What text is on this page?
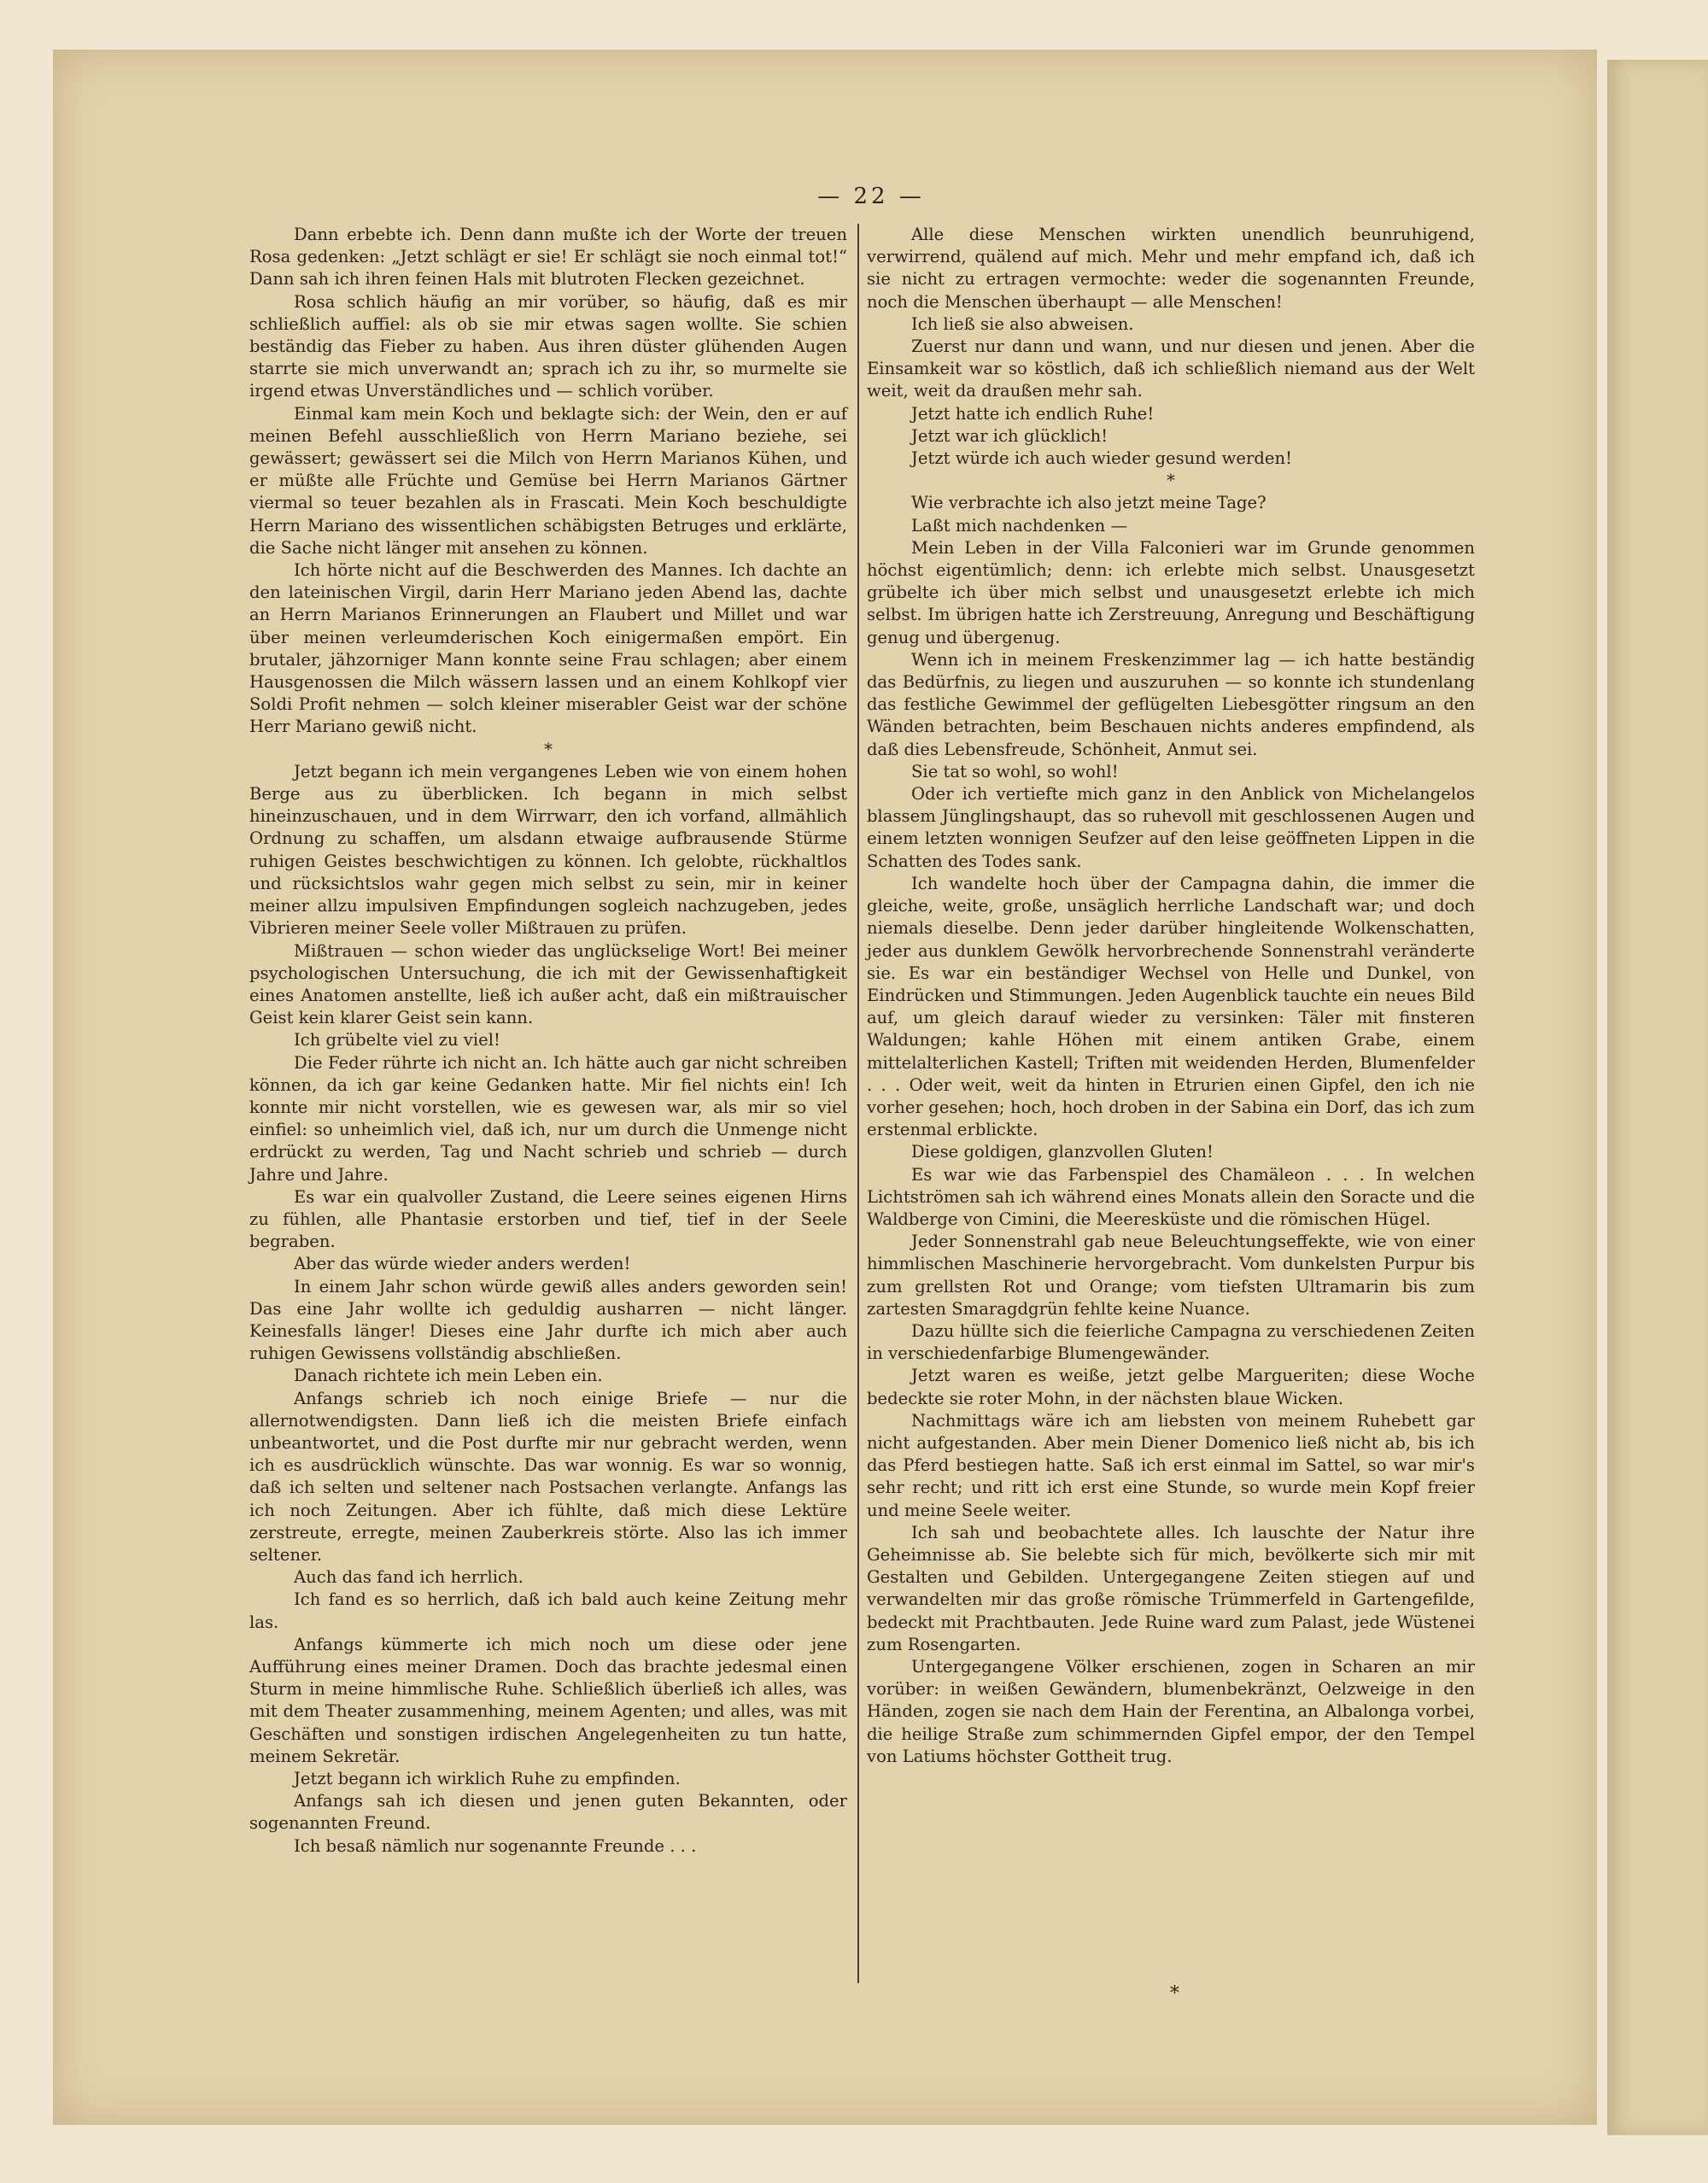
— 22 —

Dann erbebte ich. Denn dann mußte ich der Worte der treuen Rosa gedenken: „Jetzt schlägt er sie! Er schlägt sie noch einmal tot!“ Dann sah ich ihren feinen Hals mit blutroten Flecken gezeichnet.

Rosa schlich häufig an mir vorüber, so häufig, daß es mir schließlich auffiel: als ob sie mir etwas sagen wollte. Sie schien beständig das Fieber zu haben. Aus ihren düster glühenden Augen starrte sie mich unverwandt an; sprach ich zu ihr, so murmelte sie irgend etwas Unverständliches und — schlich vorüber.

Einmal kam mein Koch und beklagte sich: der Wein, den er auf meinen Befehl ausschließlich von Herrn Mariano beziehe, sei gewässert; gewässert sei die Milch von Herrn Marianos Kühen, und er müßte alle Früchte und Gemüse bei Herrn Marianos Gärtner viermal so teuer bezahlen als in Frascati. Mein Koch beschuldigte Herrn Mariano des wissentlichen schäbigsten Betruges und erklärte, die Sache nicht länger mit ansehen zu können.

Ich hörte nicht auf die Beschwerden des Mannes. Ich dachte an den lateinischen Virgil, darin Herr Mariano jeden Abend las, dachte an Herrn Marianos Erinnerungen an Flaubert und Millet und war über meinen verleumderischen Koch einigermaßen empört. Ein brutaler, jähzorniger Mann konnte seine Frau schlagen; aber einem Hausgenossen die Milch wässern lassen und an einem Kohlkopf vier Soldi Profit nehmen — solch kleiner miserabler Geist war der schöne Herr Mariano gewiß nicht.

*

Jetzt begann ich mein vergangenes Leben wie von einem hohen Berge aus zu überblicken. Ich begann in mich selbst hineinzuschauen, und in dem Wirrwarr, den ich vorfand, allmählich Ordnung zu schaffen, um alsdann etwaige aufbrausende Stürme ruhigen Geistes beschwichtigen zu können. Ich gelobte, rückhaltlos und rücksichtslos wahr gegen mich selbst zu sein, mir in keiner meiner allzu impulsiven Empfindungen sogleich nachzugeben, jedes Vibrieren meiner Seele voller Mißtrauen zu prüfen.

Mißtrauen — schon wieder das unglückselige Wort! Bei meiner psychologischen Untersuchung, die ich mit der Gewissenhaftigkeit eines Anatomen anstellte, ließ ich außer acht, daß ein mißtrauischer Geist kein klarer Geist sein kann.

Ich grübelte viel zu viel!

Die Feder rührte ich nicht an. Ich hätte auch gar nicht schreiben können, da ich gar keine Gedanken hatte. Mir fiel nichts ein! Ich konnte mir nicht vorstellen, wie es gewesen war, als mir so viel einfiel: so unheimlich viel, daß ich, nur um durch die Unmenge nicht erdrückt zu werden, Tag und Nacht schrieb und schrieb — durch Jahre und Jahre.

Es war ein qualvoller Zustand, die Leere seines eigenen Hirns zu fühlen, alle Phantasie erstorben und tief, tief in der Seele begraben.

Aber das würde wieder anders werden!

In einem Jahr schon würde gewiß alles anders geworden sein! Das eine Jahr wollte ich geduldig ausharren — nicht länger. Keinesfalls länger! Dieses eine Jahr durfte ich mich aber auch ruhigen Gewissens vollständig abschließen.

Danach richtete ich mein Leben ein.

Anfangs schrieb ich noch einige Briefe — nur die allernotwendigsten. Dann ließ ich die meisten Briefe einfach unbeantwortet, und die Post durfte mir nur gebracht werden, wenn ich es ausdrücklich wünschte. Das war wonnig. Es war so wonnig, daß ich selten und seltener nach Postsachen verlangte. Anfangs las ich noch Zeitungen. Aber ich fühlte, daß mich diese Lektüre zerstreute, erregte, meinen Zauberkreis störte. Also las ich immer seltener.

Auch das fand ich herrlich.

Ich fand es so herrlich, daß ich bald auch keine Zeitung mehr las.

Anfangs kümmerte ich mich noch um diese oder jene Aufführung eines meiner Dramen. Doch das brachte jedesmal einen Sturm in meine himmlische Ruhe. Schließlich überließ ich alles, was mit dem Theater zusammenhing, meinem Agenten; und alles, was mit Geschäften und sonstigen irdischen Angelegenheiten zu tun hatte, meinem Sekretär.

Jetzt begann ich wirklich Ruhe zu empfinden.

Anfangs sah ich diesen und jenen guten Bekannten, oder sogenannten Freund.

Ich besaß nämlich nur sogenannte Freunde . . .

Alle diese Menschen wirkten unendlich beunruhigend, verwirrend, quälend auf mich. Mehr und mehr empfand ich, daß ich sie nicht zu ertragen vermochte: weder die sogenannten Freunde, noch die Menschen überhaupt — alle Menschen!

Ich ließ sie also abweisen.

Zuerst nur dann und wann, und nur diesen und jenen. Aber die Einsamkeit war so köstlich, daß ich schließlich niemand aus der Welt weit, weit da draußen mehr sah.

Jetzt hatte ich endlich Ruhe!

Jetzt war ich glücklich!

Jetzt würde ich auch wieder gesund werden!

*

Wie verbrachte ich also jetzt meine Tage?

Laßt mich nachdenken —

Mein Leben in der Villa Falconieri war im Grunde genommen höchst eigentümlich; denn: ich erlebte mich selbst. Unausgesetzt grübelte ich über mich selbst und unausgesetzt erlebte ich mich selbst. Im übrigen hatte ich Zerstreuung, Anregung und Beschäftigung genug und übergenug.

Wenn ich in meinem Freskenzimmer lag — ich hatte beständig das Bedürfnis, zu liegen und auszuruhen — so konnte ich stundenlang das festliche Gewimmel der geflügelten Liebesgötter ringsum an den Wänden betrachten, beim Beschauen nichts anderes empfindend, als daß dies Lebensfreude, Schönheit, Anmut sei.

Sie tat so wohl, so wohl!

Oder ich vertiefte mich ganz in den Anblick von Michelangelos blassem Jünglingshaupt, das so ruhevoll mit geschlossenen Augen und einem letzten wonnigen Seufzer auf den leise geöffneten Lippen in die Schatten des Todes sank.

Ich wandelte hoch über der Campagna dahin, die immer die gleiche, weite, große, unsäglich herrliche Landschaft war; und doch niemals dieselbe. Denn jeder darüber hingleitende Wolkenschatten, jeder aus dunklem Gewölk hervorbrechende Sonnenstrahl veränderte sie. Es war ein beständiger Wechsel von Helle und Dunkel, von Eindrücken und Stimmungen. Jeden Augenblick tauchte ein neues Bild auf, um gleich darauf wieder zu versinken: Täler mit finsteren Waldungen; kahle Höhen mit einem antiken Grabe, einem mittelalterlichen Kastell; Triften mit weidenden Herden, Blumenfelder . . . Oder weit, weit da hinten in Etrurien einen Gipfel, den ich nie vorher gesehen; hoch, hoch droben in der Sabina ein Dorf, das ich zum erstenmal erblickte.

Diese goldigen, glanzvollen Gluten!

Es war wie das Farbenspiel des Chamäleon . . . In welchen Lichtströmen sah ich während eines Monats allein den Soracte und die Waldberge von Cimini, die Meeresküste und die römischen Hügel.

Jeder Sonnenstrahl gab neue Beleuchtungseffekte, wie von einer himmlischen Maschinerie hervorgebracht. Vom dunkelsten Purpur bis zum grellsten Rot und Orange; vom tiefsten Ultramarin bis zum zartesten Smaragdgrün fehlte keine Nuance.

Dazu hüllte sich die feierliche Campagna zu verschiedenen Zeiten in verschiedenfarbige Blumengewänder.

Jetzt waren es weiße, jetzt gelbe Margueriten; diese Woche bedeckte sie roter Mohn, in der nächsten blaue Wicken.

Nachmittags wäre ich am liebsten von meinem Ruhebett gar nicht aufgestanden. Aber mein Diener Domenico ließ nicht ab, bis ich das Pferd bestiegen hatte. Saß ich erst einmal im Sattel, so war mir's sehr recht; und ritt ich erst eine Stunde, so wurde mein Kopf freier und meine Seele weiter.

Ich sah und beobachtete alles. Ich lauschte der Natur ihre Geheimnisse ab. Sie belebte sich für mich, bevölkerte sich mir mit Gestalten und Gebilden. Untergegangene Zeiten stiegen auf und verwandelten mir das große römische Trümmerfeld in Gartengefilde, bedeckt mit Prachtbauten. Jede Ruine ward zum Palast, jede Wüstenei zum Rosengarten.

Untergegangene Völker erschienen, zogen in Scharen an mir vorüber: in weißen Gewändern, blumenbekränzt, Oelzweige in den Händen, zogen sie nach dem Hain der Ferentina, an Albalonga vorbei, die heilige Straße zum schimmernden Gipfel empor, der den Tempel von Latiums höchster Gottheit trug.

*
